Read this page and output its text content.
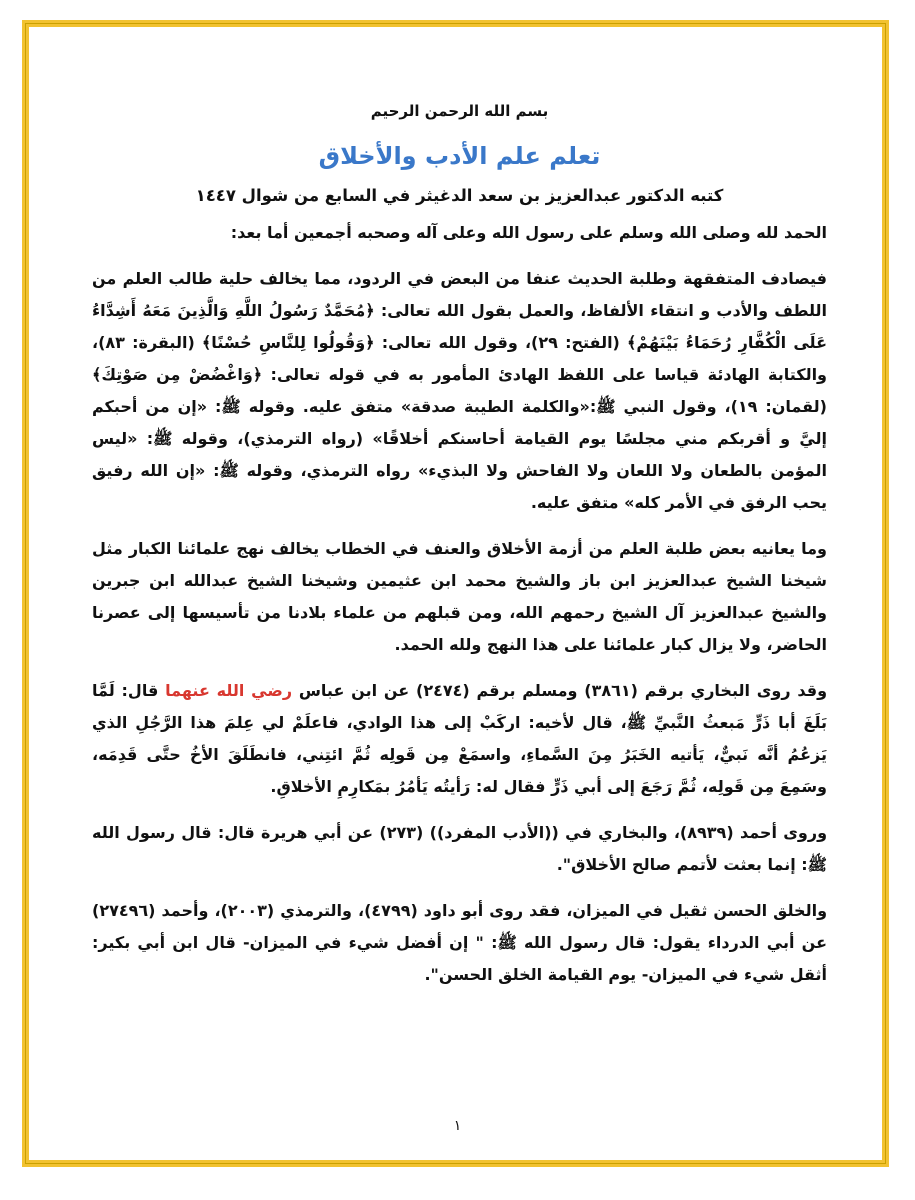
بسم الله الرحمن الرحيم
تعلم علم الأدب والأخلاق
كتبه الدكتور عبدالعزيز بن سعد الدغيثر في السابع من شوال ١٤٤٧
الحمد لله وصلى الله وسلم على رسول الله وعلى آله وصحبه أجمعين أما بعد:
فيصادف المتفقهة وطلبة الحديث عنفا من البعض في الردود، مما يخالف حلية طالب العلم من اللطف والأدب و انتقاء الألفاظ، والعمل بقول الله تعالى: ﴿مُحَمَّدٌ رَسُولُ اللَّهِ وَالَّذِينَ مَعَهُ أَشِدَّاءُ عَلَى الْكُفَّارِ رُحَمَاءُ بَيْنَهُمْ﴾ (الفتح: ٢٩)، وقول الله تعالى: ﴿وَقُولُوا لِلنَّاسِ حُسْنًا﴾ (البقرة: ٨٣)، والكتابة الهادئة قياسا على اللفظ الهادئ المأمور به في قوله تعالى: ﴿وَاغْضُضْ مِن صَوْتِكَ﴾ (لقمان: ١٩)، وقول النبي ﷺ:«والكلمة الطيبة صدقة» متفق عليه. وقوله ﷺ: «إن من أحبكم إليَّ و أقربكم مني مجلسًا يوم القيامة أحاسنكم أخلاقًا» (رواه الترمذي)، وقوله ﷺ: «ليس المؤمن بالطعان ولا اللعان ولا الفاحش ولا البذيء» رواه الترمذي، وقوله ﷺ: «إن الله رفيق يحب الرفق في الأمر كله» متفق عليه.
وما يعانيه بعض طلبة العلم من أزمة الأخلاق والعنف في الخطاب يخالف نهج علمائنا الكبار مثل شيخنا الشيخ عبدالعزيز ابن باز والشيخ محمد ابن عثيمين وشيخنا الشيخ عبدالله ابن جبرين والشيخ عبدالعزيز آل الشيخ رحمهم الله، ومن قبلهم من علماء بلادنا من تأسيسها إلى عصرنا الحاضر، ولا يزال كبار علمائنا على هذا النهج ولله الحمد.
وقد روى البخاري برقم (٣٨٦١) ومسلم برقم (٢٤٧٤) عن ابن عباس رضي الله عنهما قال: لَمَّا بَلَغَ أبا ذَرٍّ مَبعثُ النَّبيِّ ﷺ، قال لأخيه: اركَبْ إلى هذا الوادي، فاعلَمْ لي عِلمَ هذا الرَّجُلِ الذي يَزعُمُ أنَّه نَبيٌّ، يَأتيه الخَبَرُ مِنَ السَّماءِ، واسمَعْ مِن قَولِه ثُمَّ ائتِني، فانطَلَقَ الأخُ حتَّى قَدِمَه، وسَمِعَ مِن قَولِه، ثُمَّ رَجَعَ إلى أبي ذَرٍّ فقال له: رَأيتُه يَأمُرُ بمَكارِمِ الأخلاقِ.
وروى أحمد (٨٩٣٩)، والبخاري في ((الأدب المفرد)) (٢٧٣) عن أبي هريرة قال: قال رسول الله ﷺ: إنما بعثت لأتمم صالح الأخلاق".
والخلق الحسن ثقيل في الميزان، فقد روى أبو داود (٤٧٩٩)، والترمذي (٢٠٠٣)، وأحمد (٢٧٤٩٦) عن أبي الدرداء يقول: قال رسول الله ﷺ: " إن أفضل شيء في الميزان- قال ابن أبي بكير: أثقل شيء في الميزان- يوم القيامة الخلق الحسن".
١
